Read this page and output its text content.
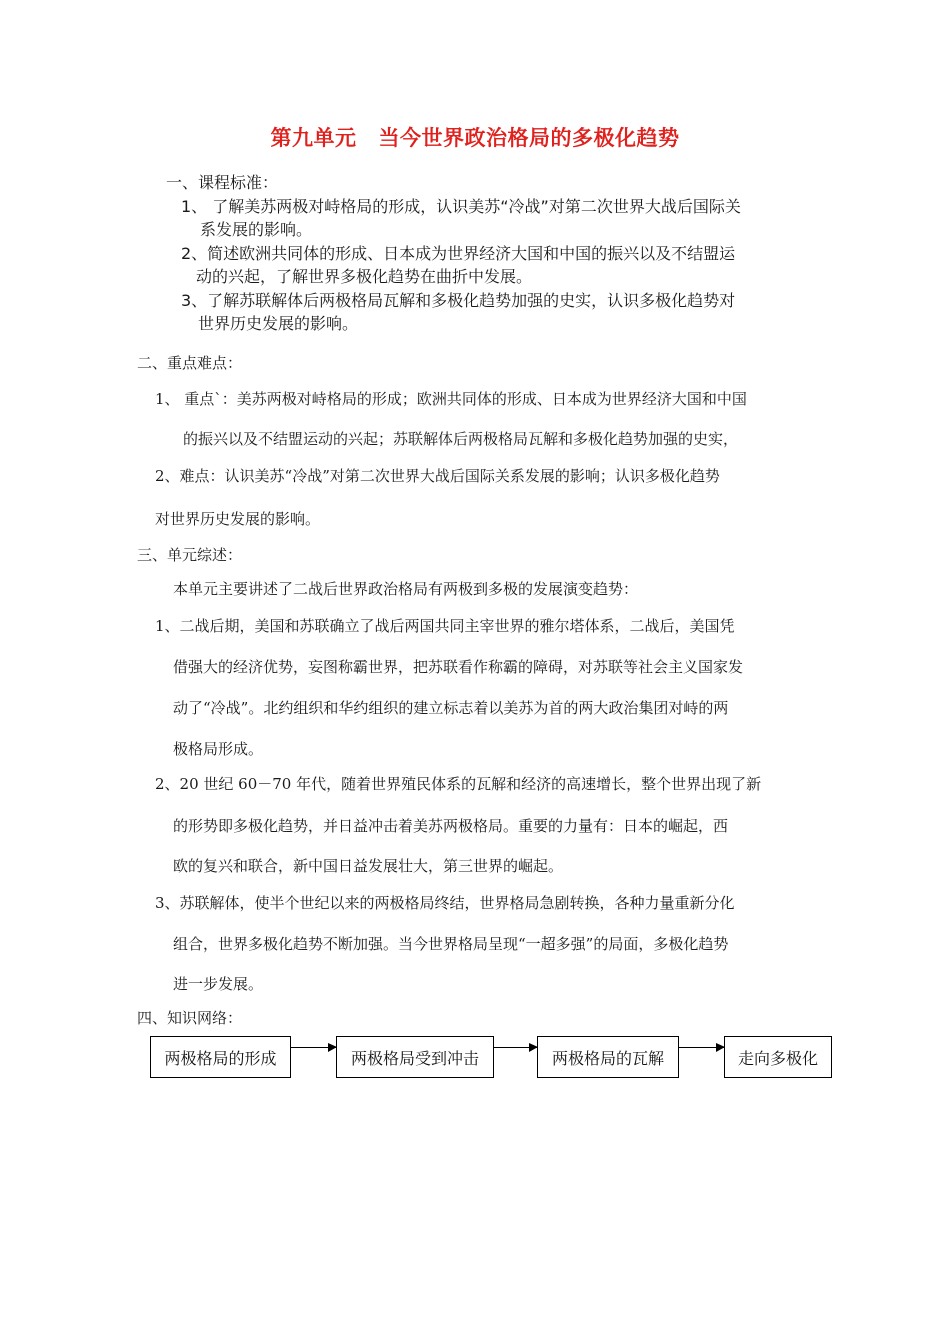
第九单元 当今世界政治格局的多极化趋势
一、课程标准：
1、 了解美苏两极对峙格局的形成，认识美苏“冷战”对第二次世界大战后国际关
系发展的影响。
2、简述欧洲共同体的形成、日本成为世界经济大国和中国的振兴以及不结盟运
动的兴起，了解世界多极化趋势在曲折中发展。
3、了解苏联解体后两极格局瓦解和多极化趋势加强的史实，认识多极化趋势对
世界历史发展的影响。
二、重点难点：
1、 重点`：美苏两极对峙格局的形成；欧洲共同体的形成、日本成为世界经济大国和中国
的振兴以及不结盟运动的兴起；苏联解体后两极格局瓦解和多极化趋势加强的史实，
2、难点：认识美苏“冷战”对第二次世界大战后国际关系发展的影响；认识多极化趋势
对世界历史发展的影响。
三、单元综述：
本单元主要讲述了二战后世界政治格局有两极到多极的发展演变趋势：
1、二战后期，美国和苏联确立了战后两国共同主宰世界的雅尔塔体系，二战后，美国凭
借强大的经济优势，妄图称霸世界，把苏联看作称霸的障碍，对苏联等社会主义国家发
动了“冷战”。北约组织和华约组织的建立标志着以美苏为首的两大政治集团对峙的两
极格局形成。
2、20 世纪 60－70 年代，随着世界殖民体系的瓦解和经济的高速增长，整个世界出现了新
的形势即多极化趋势，并日益冲击着美苏两极格局。重要的力量有：日本的崛起，西
欧的复兴和联合，新中国日益发展壮大，第三世界的崛起。
3、苏联解体，使半个世纪以来的两极格局终结，世界格局急剧转换，各种力量重新分化
组合，世界多极化趋势不断加强。当今世界格局呈现“一超多强”的局面，多极化趋势
进一步发展。
四、知识网络：
两极格局的形成	两极格局受到冲击	两极格局的瓦解	走向多极化
